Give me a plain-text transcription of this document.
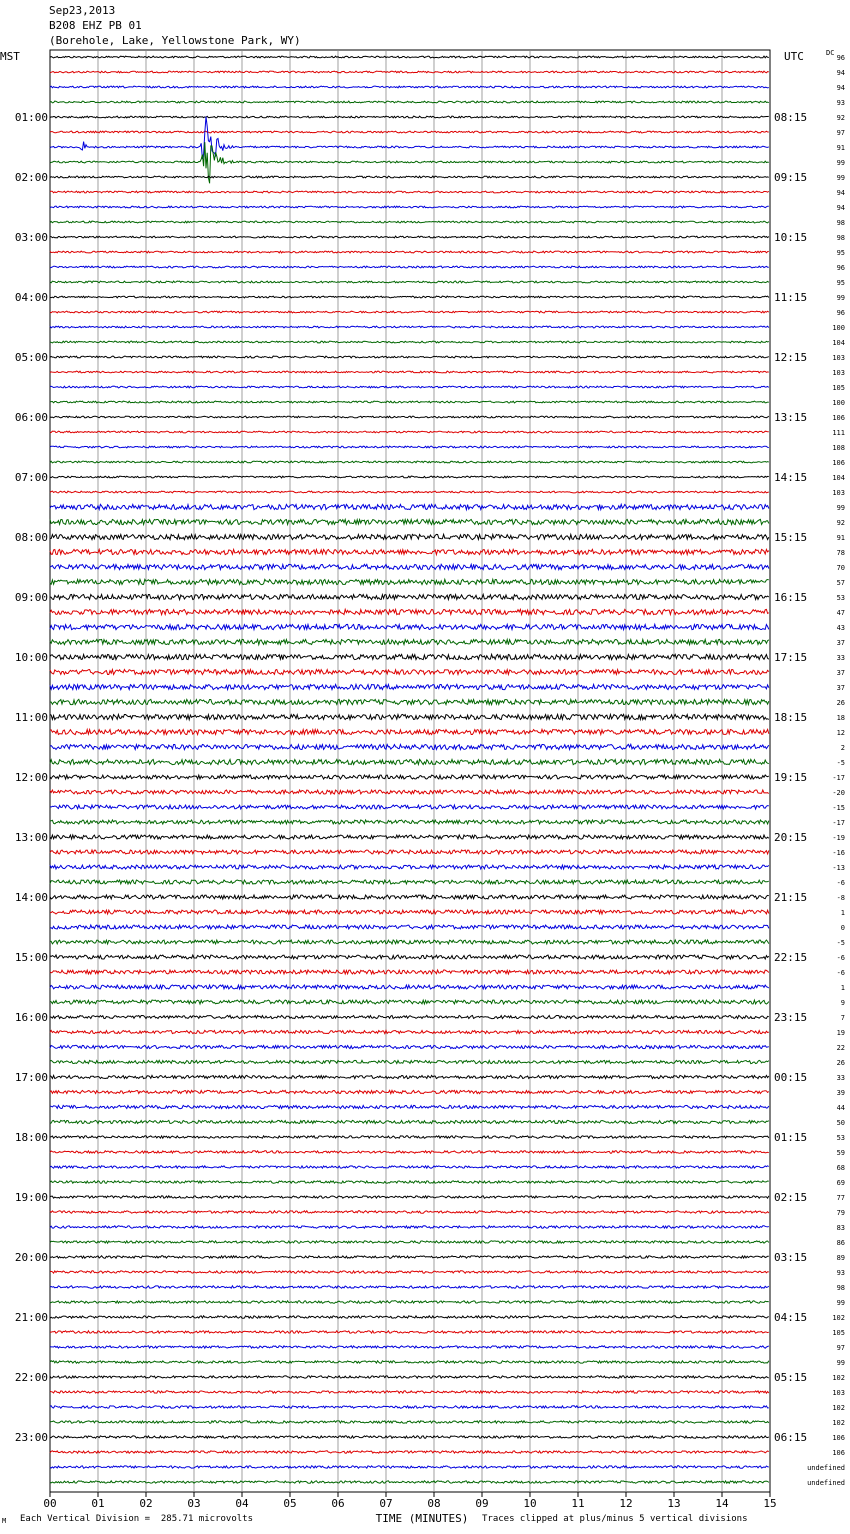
Sep23,2013
B208 EHZ PB 01
(Borehole, Lake, Yellowstone Park, WY)
96
94
94
93
92
97
91
99
99
94
94
98
98
95
96
95
99
96
100
104
103
103
105
100
106
111
108
106
104
103
99
92
91
78
70
57
53
47
43
37
33
37
37
26
18
12
2
-5
-17
-20
-15
-17
-19
-16
-13
-6
-8
1
0
-5
-6
-6
1
9
7
19
22
26
33
39
44
50
53
59
68
69
77
79
83
86
89
93
98
99
102
105
97
99
102
103
102
102
106
106
undefined
undefined
MST	UTC	DC
01:00
02:00
03:00
04:00
05:00
06:00
07:00
08:00
09:00
10:00
11:00
12:00
13:00
14:00
15:00
16:00
17:00
18:00
19:00
20:00
21:00
22:00
23:00
08:15
09:15
10:15
11:15
12:15
13:15
14:15
15:15
16:15
17:15
18:15
19:15
20:15
21:15
22:15
23:15
00:15
01:15
02:15
03:15
04:15
05:15
06:15
00	01	02	03	04	05	06	07	08	09	10	11	12	13	14	15
TIME (MINUTES)
M Each Vertical Division =  285.71 microvolts	Traces clipped at plus/minus 5 vertical divisions
